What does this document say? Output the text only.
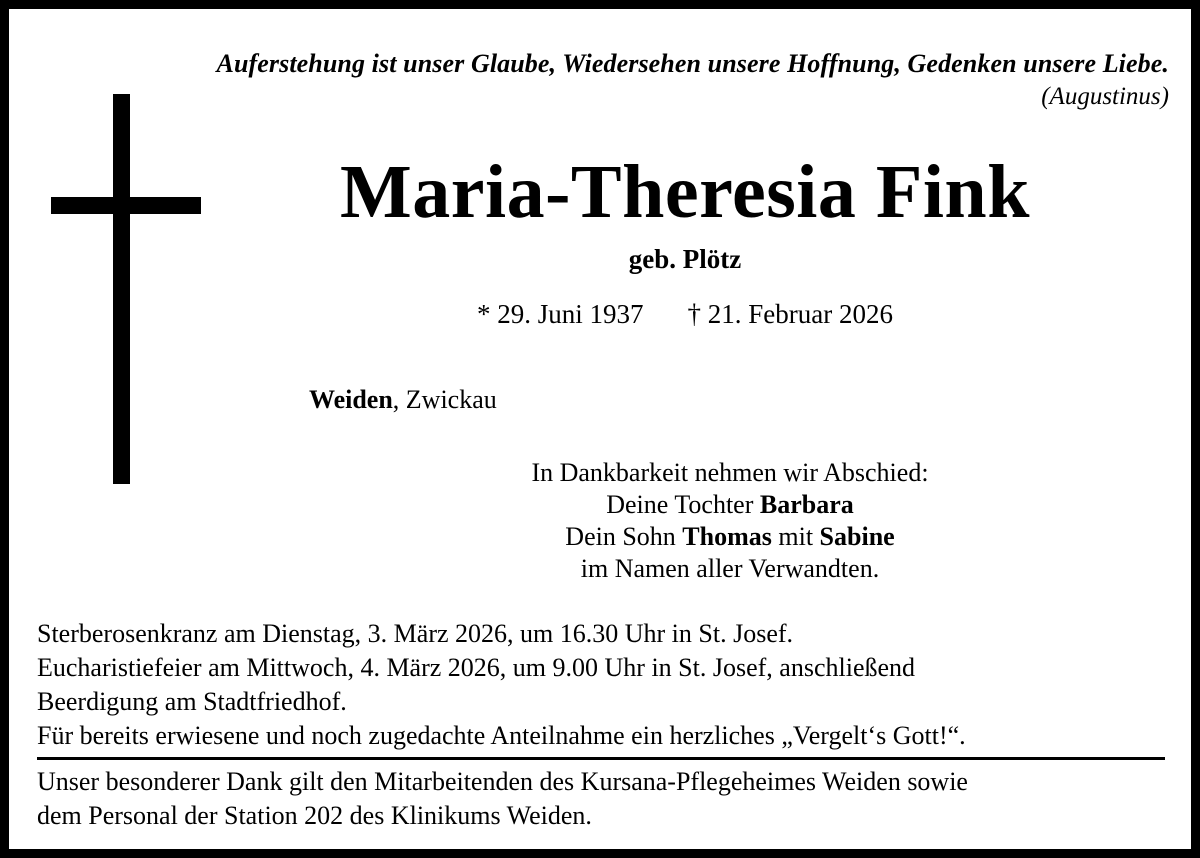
Auferstehung ist unser Glaube, Wiedersehen unsere Hoffnung, Gedenken unsere Liebe.
(Augustinus)
Maria-Theresia Fink
geb. Plötz
* 29. Juni 1937 † 21. Februar 2026
Weiden, Zwickau
In Dankbarkeit nehmen wir Abschied:
Deine Tochter Barbara
Dein Sohn Thomas mit Sabine
im Namen aller Verwandten.
Sterberosenkranz am Dienstag, 3. März 2026, um 16.30 Uhr in St. Josef.
Eucharistiefeier am Mittwoch, 4. März 2026, um 9.00 Uhr in St. Josef, anschließend
Beerdigung am Stadtfriedhof.
Für bereits erwiesene und noch zugedachte Anteilnahme ein herzliches „Vergelt‘s Gott!“.
Unser besonderer Dank gilt den Mitarbeitenden des Kursana-Pflegeheimes Weiden sowie
dem Personal der Station 202 des Klinikums Weiden.
